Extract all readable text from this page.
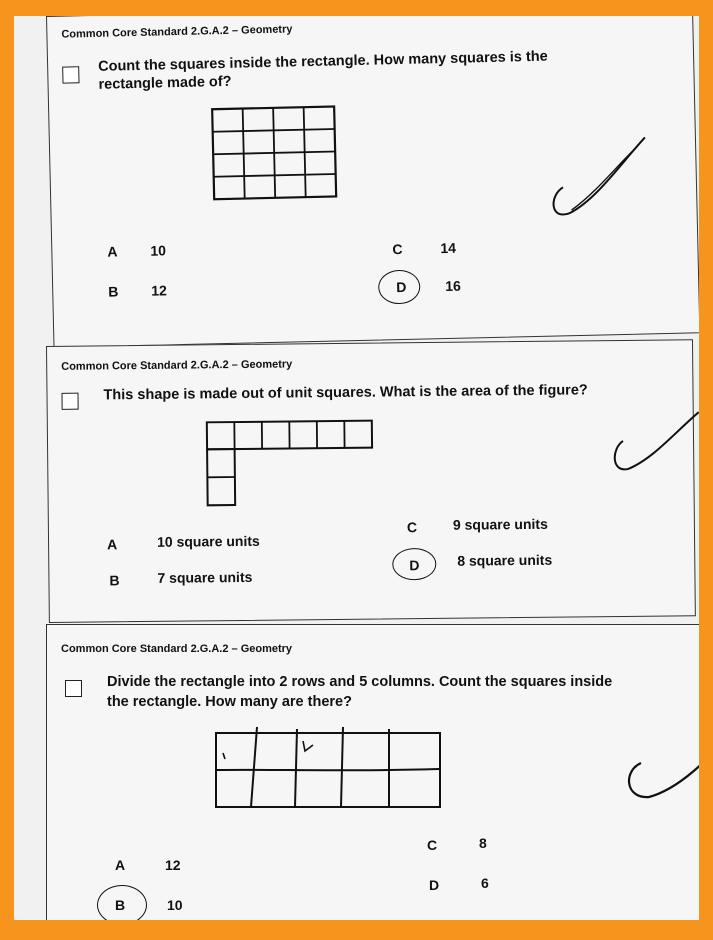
Common Core Standard 2.G.A.2 – Geometry
Count the squares inside the rectangle. How many squares is the
rectangle made of?
A 10
B 12
C	14
D	16
Common Core Standard 2.G.A.2 – Geometry
This shape is made out of unit squares. What is the area of the figure?
A	10 square units
B	7 square units
C	9 square units
D	8 square units
Common Core Standard 2.G.A.2 – Geometry
Divide the rectangle into 2 rows and 5 columns. Count the squares inside
the rectangle. How many are there?
A	12
B	10
C	8
D	6
